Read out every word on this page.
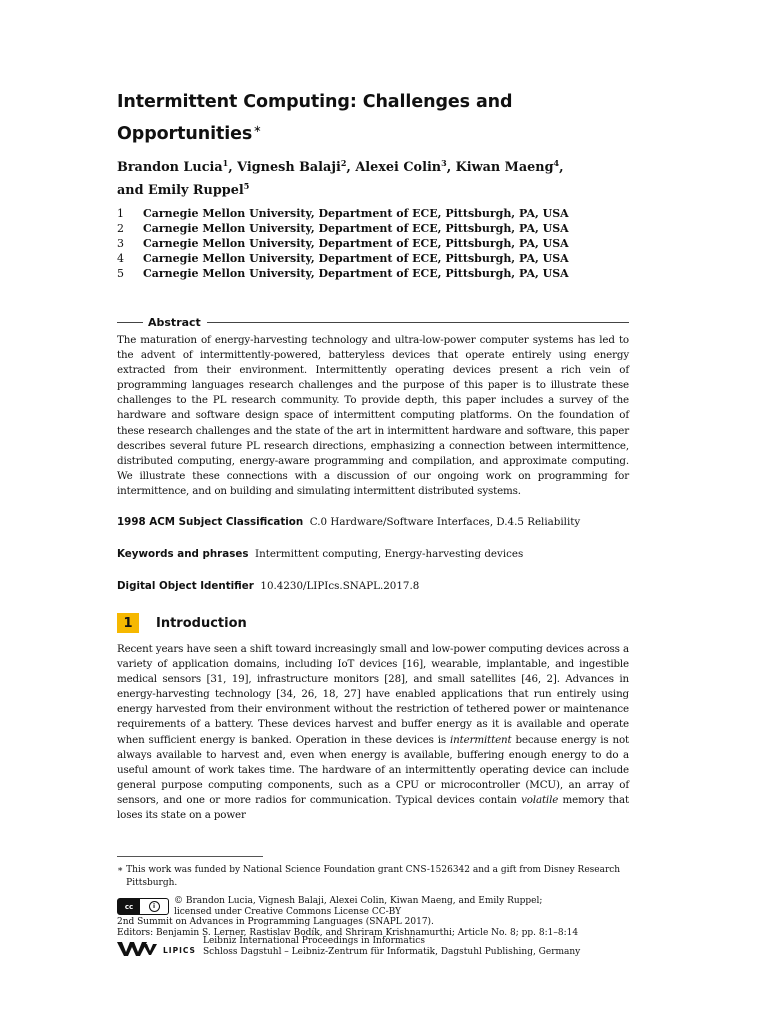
Intermittent Computing: Challenges and Opportunities∗
Brandon Lucia$^1$, Vignesh Balaji$^2$, Alexei Colin$^3$, Kiwan Maeng$^4$,
and Emily Ruppel$^5$
1	Carnegie Mellon University, Department of ECE, Pittsburgh, PA, USA
2	Carnegie Mellon University, Department of ECE, Pittsburgh, PA, USA
3	Carnegie Mellon University, Department of ECE, Pittsburgh, PA, USA
4	Carnegie Mellon University, Department of ECE, Pittsburgh, PA, USA
5	Carnegie Mellon University, Department of ECE, Pittsburgh, PA, USA
Abstract
The maturation of energy-harvesting technology and ultra-low-power computer systems has led to the advent of intermittently-powered, batteryless devices that operate entirely using energy extracted from their environment. Intermittently operating devices present a rich vein of programming languages research challenges and the purpose of this paper is to illustrate these challenges to the PL research community. To provide depth, this paper includes a survey of the hardware and software design space of intermittent computing platforms. On the foundation of these research challenges and the state of the art in intermittent hardware and software, this paper describes several future PL research directions, emphasizing a connection between intermittence, distributed computing, energy-aware programming and compilation, and approximate computing. We illustrate these connections with a discussion of our ongoing work on programming for intermittence, and on building and simulating intermittent distributed systems.
1998 ACM Subject Classification C.0 Hardware/Software Interfaces, D.4.5 Reliability
Keywords and phrases Intermittent computing, Energy-harvesting devices
Digital Object Identifier 10.4230/LIPIcs.SNAPL.2017.8
1	Introduction
Recent years have seen a shift toward increasingly small and low-power computing devices across a variety of application domains, including IoT devices [16], wearable, implantable, and ingestible medical sensors [31, 19], infrastructure monitors [28], and small satellites [46, 2]. Advances in energy-harvesting technology [34, 26, 18, 27] have enabled applications that run entirely using energy harvested from their environment without the restriction of tethered power or maintenance requirements of a battery. These devices harvest and buffer energy as it is available and operate when sufficient energy is banked. Operation in these devices is intermittent because energy is not always available to harvest and, even when energy is available, buffering enough energy to do a useful amount of work takes time. The hardware of an intermittently operating device can include general purpose computing components, such as a CPU or microcontroller (MCU), an array of sensors, and one or more radios for communication. Typical devices contain volatile memory that loses its state on a power
∗ This work was funded by National Science Foundation grant CNS-1526342 and a gift from Disney Research Pittsburgh.
cc	i
© Brandon Lucia, Vignesh Balaji, Alexei Colin, Kiwan Maeng, and Emily Ruppel;
licensed under Creative Commons License CC-BY
2nd Summit on Advances in Programming Languages (SNAPL 2017).
Editors: Benjamin S. Lerner, Rastislav Bodík, and Shriram Krishnamurthi; Article No. 8; pp. 8:1–8:14
LIPICS
Leibniz International Proceedings in Informatics
Schloss Dagstuhl – Leibniz-Zentrum für Informatik, Dagstuhl Publishing, Germany
